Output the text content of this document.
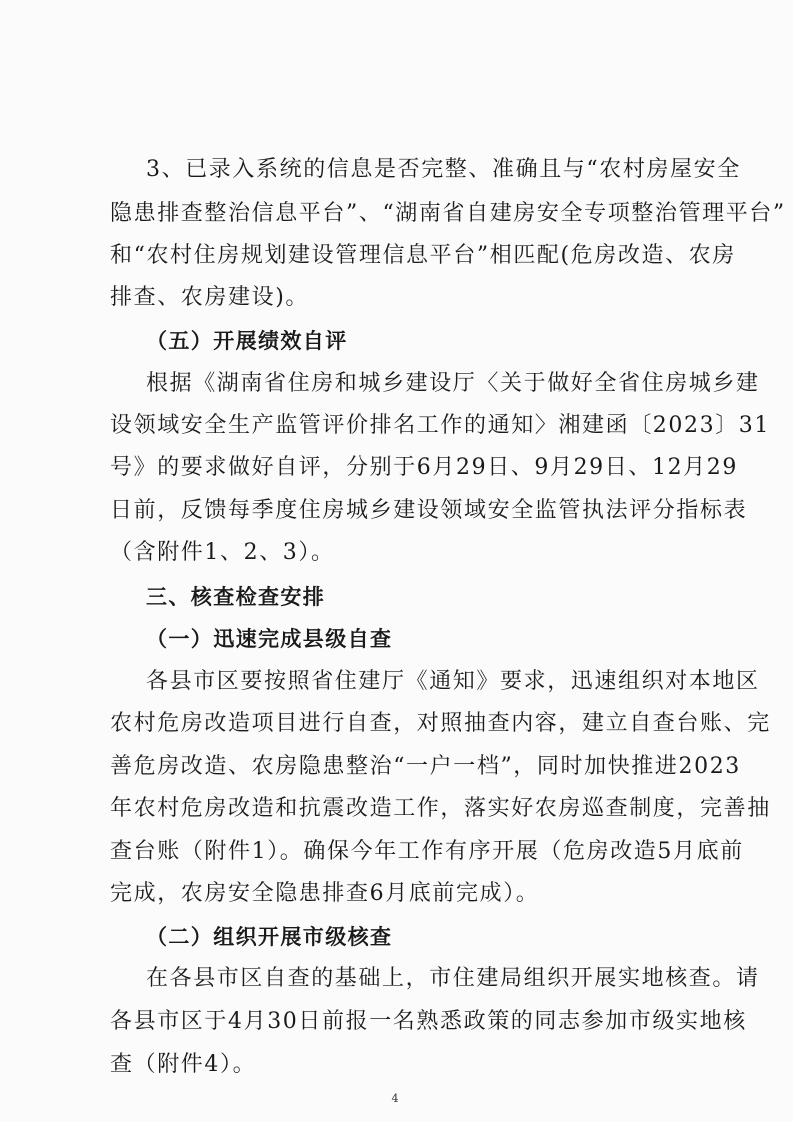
3、已录入系统的信息是否完整、准确且与“农村房屋安全
隐患排查整治信息平台”、“湖南省自建房安全专项整治管理平台”
和“农村住房规划建设管理信息平台”相匹配(危房改造、农房
排查、农房建设)。
（五）开展绩效自评
根据《湖南省住房和城乡建设厅〈关于做好全省住房城乡建
设领域安全生产监管评价排名工作的通知〉湘建函〔2023〕31
号》的要求做好自评，分别于6月29日、9月29日、12月29
日前，反馈每季度住房城乡建设领域安全监管执法评分指标表
（含附件1、2、3）。
三、核查检查安排
（一）迅速完成县级自查
各县市区要按照省住建厅《通知》要求，迅速组织对本地区
农村危房改造项目进行自查，对照抽查内容，建立自查台账、完
善危房改造、农房隐患整治“一户一档”，同时加快推进2023
年农村危房改造和抗震改造工作，落实好农房巡查制度，完善抽
查台账（附件1）。确保今年工作有序开展（危房改造5月底前
完成，农房安全隐患排查6月底前完成）。
（二）组织开展市级核查
在各县市区自查的基础上，市住建局组织开展实地核查。请
各县市区于4月30日前报一名熟悉政策的同志参加市级实地核
查（附件4）。
4
